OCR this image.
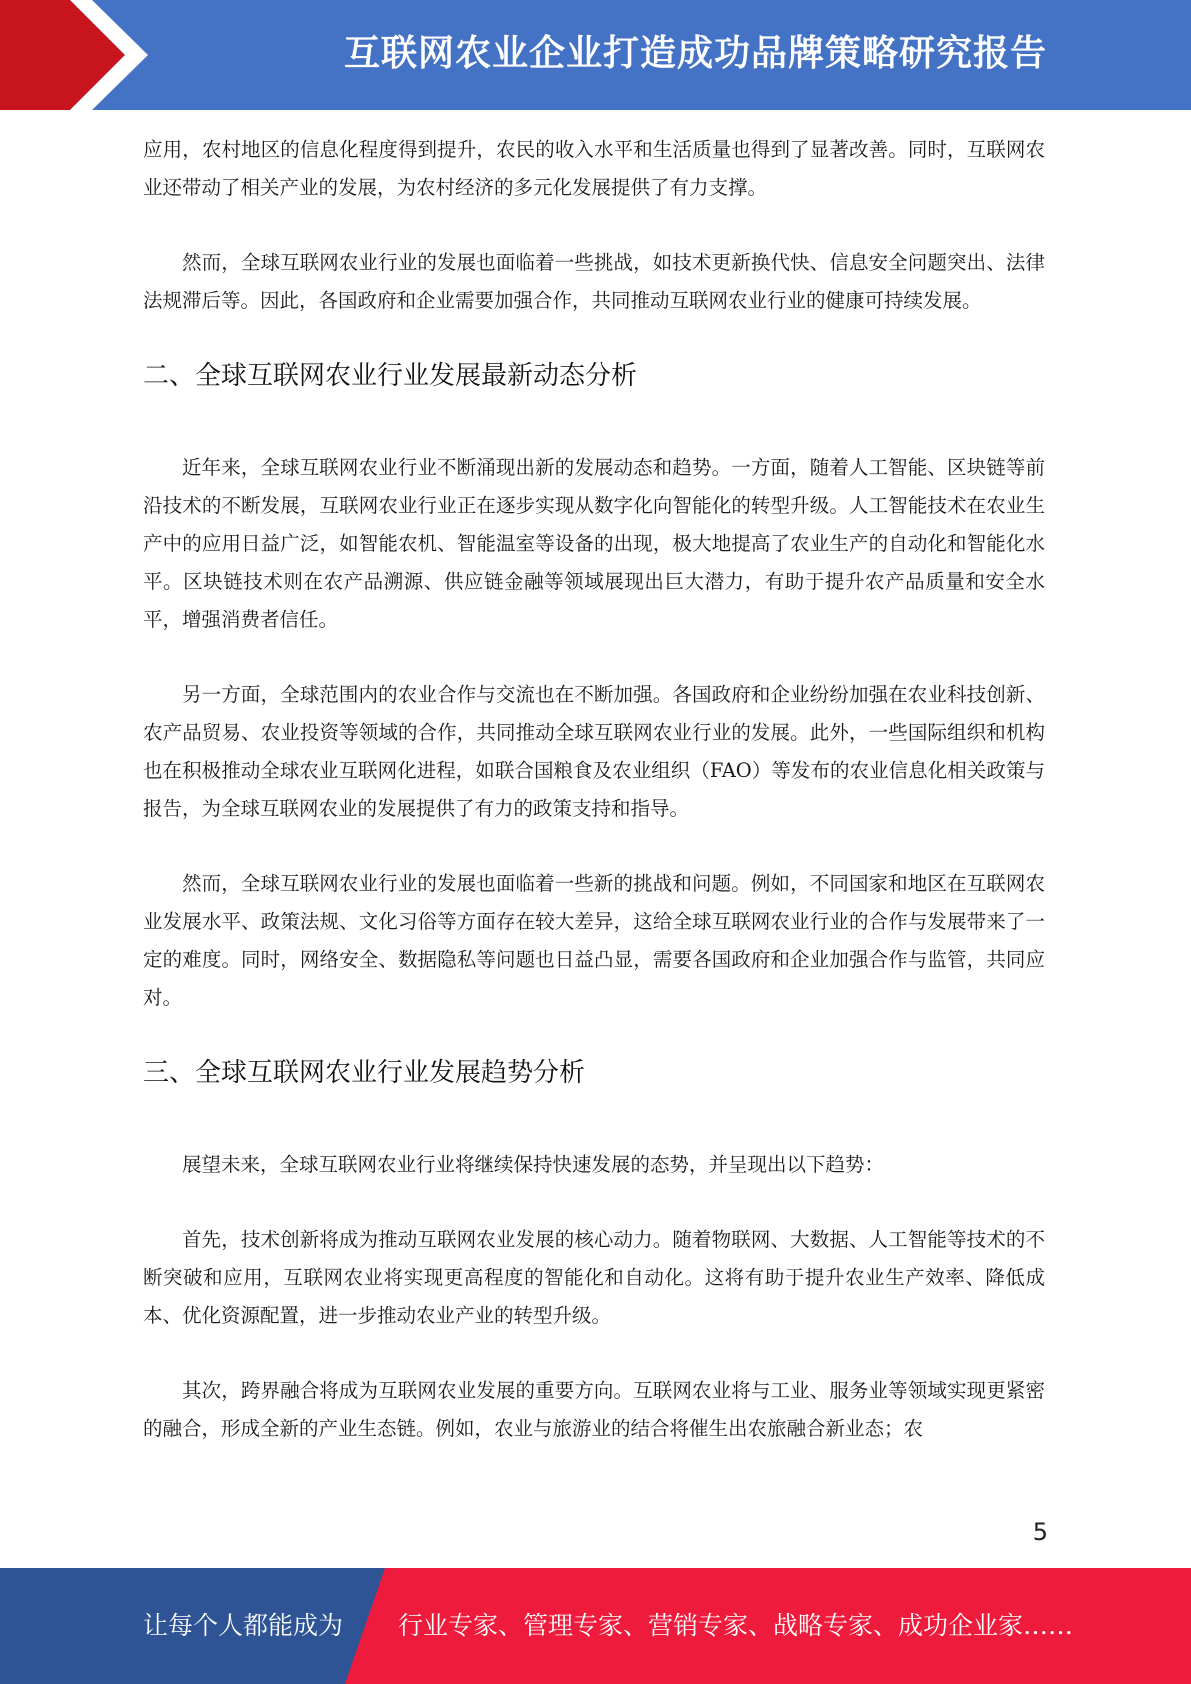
互联网农业企业打造成功品牌策略研究报告

应用，农村地区的信息化程度得到提升，农民的收入水平和生活质量也得到了显著改善。同时，互联网农业还带动了相关产业的发展，为农村经济的多元化发展提供了有力支撑。

然而，全球互联网农业行业的发展也面临着一些挑战，如技术更新换代快、信息安全问题突出、法律法规滞后等。因此，各国政府和企业需要加强合作，共同推动互联网农业行业的健康可持续发展。

二、全球互联网农业行业发展最新动态分析

近年来，全球互联网农业行业不断涌现出新的发展动态和趋势。一方面，随着人工智能、区块链等前沿技术的不断发展，互联网农业行业正在逐步实现从数字化向智能化的转型升级。人工智能技术在农业生产中的应用日益广泛，如智能农机、智能温室等设备的出现，极大地提高了农业生产的自动化和智能化水平。区块链技术则在农产品溯源、供应链金融等领域展现出巨大潜力，有助于提升农产品质量和安全水平，增强消费者信任。

另一方面，全球范围内的农业合作与交流也在不断加强。各国政府和企业纷纷加强在农业科技创新、农产品贸易、农业投资等领域的合作，共同推动全球互联网农业行业的发展。此外，一些国际组织和机构也在积极推动全球农业互联网化进程，如联合国粮食及农业组织（FAO）等发布的农业信息化相关政策与报告，为全球互联网农业的发展提供了有力的政策支持和指导。

然而，全球互联网农业行业的发展也面临着一些新的挑战和问题。例如，不同国家和地区在互联网农业发展水平、政策法规、文化习俗等方面存在较大差异，这给全球互联网农业行业的合作与发展带来了一定的难度。同时，网络安全、数据隐私等问题也日益凸显，需要各国政府和企业加强合作与监管，共同应对。

三、全球互联网农业行业发展趋势分析

展望未来，全球互联网农业行业将继续保持快速发展的态势，并呈现出以下趋势：

首先，技术创新将成为推动互联网农业发展的核心动力。随着物联网、大数据、人工智能等技术的不断突破和应用，互联网农业将实现更高程度的智能化和自动化。这将有助于提升农业生产效率、降低成本、优化资源配置，进一步推动农业产业的转型升级。

其次，跨界融合将成为互联网农业发展的重要方向。互联网农业将与工业、服务业等领域实现更紧密的融合，形成全新的产业生态链。例如，农业与旅游业的结合将催生出农旅融合新业态；农

5
让每个人都能成为 行业专家、管理专家、营销专家、战略专家、成功企业家……
